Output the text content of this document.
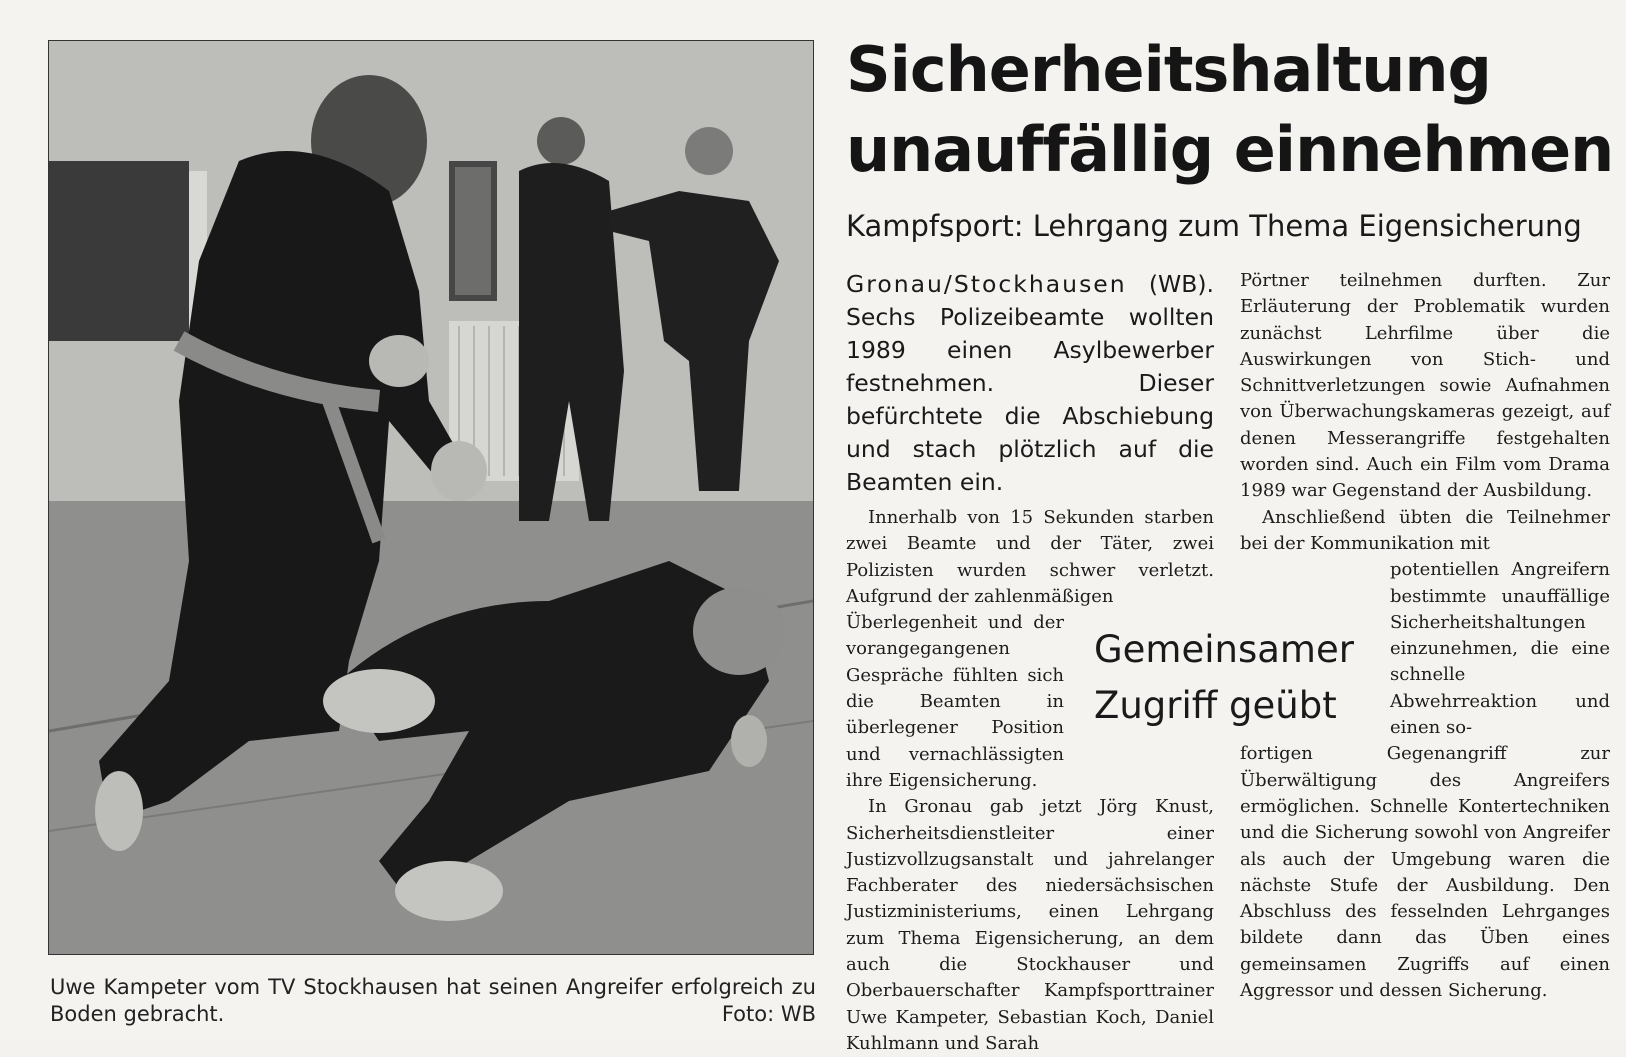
Uwe Kampeter vom TV Stockhausen hat seinen Angreifer erfolgreich zu Boden gebracht.	Foto: WB
Sicherheitshaltung
unauffällig einnehmen
Kampfsport: Lehrgang zum Thema Eigensicherung

Gronau/Stockhausen (WB). Sechs Polizeibeamte wollten 1989 einen Asylbewerber festnehmen. Dieser befürchtete die Abschiebung und stach plötzlich auf die Beamten ein.

Innerhalb von 15 Sekunden starben zwei Beamte und der Täter, zwei Polizisten wurden schwer verletzt. Aufgrund der zahlenmäßigen

Überlegenheit und der vorangegangenen Gespräche fühlten sich die Beamten in überlegener Position und vernachlässigten ihre Eigensicherung.

In Gronau gab jetzt Jörg Knust, Sicherheitsdienstleiter einer Justizvollzugsanstalt und jahrelanger Fachberater des niedersächsischen Justizministeriums, einen Lehrgang zum Thema Eigensicherung, an dem auch die Stockhauser und Oberbauerschafter Kampfsporttrainer Uwe Kampeter, Sebastian Koch, Daniel Kuhlmann und Sarah

Gemeinsamer
Zugriff geübt

Pörtner teilnehmen durften. Zur Erläuterung der Problematik wurden zunächst Lehrfilme über die Auswirkungen von Stich- und Schnittverletzungen sowie Aufnahmen von Überwachungskameras gezeigt, auf denen Messerangriffe festgehalten worden sind. Auch ein Film vom Drama 1989 war Gegenstand der Ausbildung.

Anschließend übten die Teilnehmer bei der Kommunikation mit

potentiellen Angreifern bestimmte unauffällige Sicherheitshaltungen einzunehmen, die eine schnelle Abwehrreaktion und einen so-

fortigen Gegenangriff zur Überwältigung des Angreifers ermöglichen. Schnelle Kontertechniken und die Sicherung sowohl von Angreifer als auch der Umgebung waren die nächste Stufe der Ausbildung. Den Abschluss des fesselnden Lehrganges bildete dann das Üben eines gemeinsamen Zugriffs auf einen Aggressor und dessen Sicherung.
